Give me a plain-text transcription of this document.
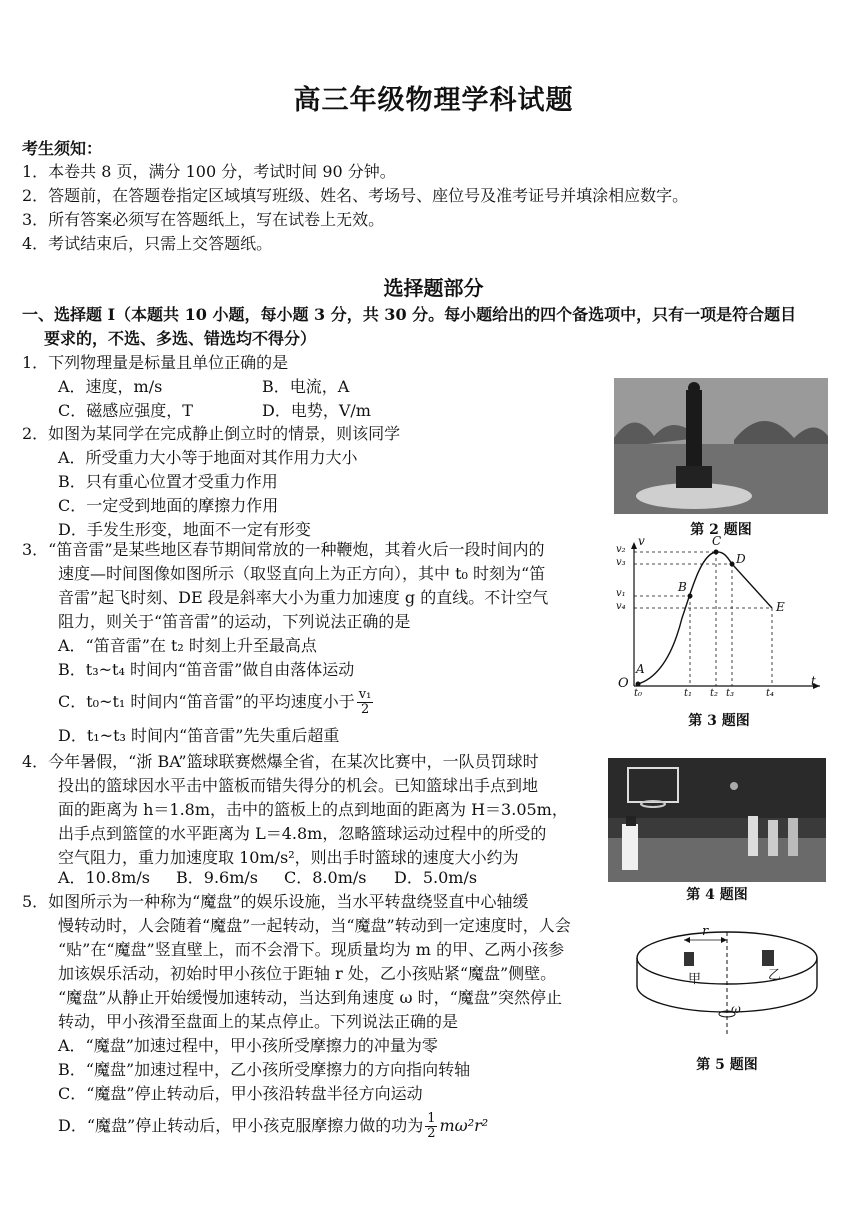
高三年级物理学科试题
考生须知：
1．本卷共 8 页，满分 100 分，考试时间 90 分钟。
2．答题前，在答题卷指定区域填写班级、姓名、考场号、座位号及准考证号并填涂相应数字。
3．所有答案必须写在答题纸上，写在试卷上无效。
4．考试结束后，只需上交答题纸。
选择题部分
一、选择题 I（本题共 10 小题，每小题 3 分，共 30 分。每小题给出的四个备选项中，只有一项是符合题目
要求的，不选、多选、错选均不得分）
1．下列物理量是标量且单位正确的是
A．速度，m/s	B．电流，A
C．磁感应强度，T	D．电势，V/m
2．如图为某同学在完成静止倒立时的情景，则该同学
A．所受重力大小等于地面对其作用力大小
B．只有重心位置才受重力作用
C．一定受到地面的摩擦力作用
D．手发生形变，地面不一定有形变	第 2 题图
3．“笛音雷”是某些地区春节期间常放的一种鞭炮，其着火后一段时间内的
速度—时间图像如图所示（取竖直向上为正方向），其中 t₀ 时刻为“笛
音雷”起飞时刻、DE 段是斜率大小为重力加速度 g 的直线。不计空气
阻力，则关于“笛音雷”的运动，下列说法正确的是
A．“笛音雷”在 t₂ 时刻上升至最高点
B．t₃~t₄ 时间内“笛音雷”做自由落体运动
C．t₀~t₁ 时间内“笛音雷”的平均速度小于 $\frac{\text{v₁}}{2}$
D．t₁~t₃ 时间内“笛音雷”先失重后超重
v
t
O
v₂
v₃
v₁
v₄
t₀	t₁ t₂ t₃	t₄
A
B
C
D
E
第 3 题图
4．今年暑假，“浙 BA”篮球联赛燃爆全省，在某次比赛中，一队员罚球时
投出的篮球因水平击中篮板而错失得分的机会。已知篮球出手点到地
面的距离为 h＝1.8m，击中的篮板上的点到地面的距离为 H＝3.05m，
出手点到篮筐的水平距离为 L＝4.8m，忽略篮球运动过程中的所受的
空气阻力，重力加速度取 10m/s²，则出手时篮球的速度大小约为
A．10.8m/s B．9.6m/s C．8.0m/s D．5.0m/s
第 4 题图
5．如图所示为一种称为“魔盘”的娱乐设施，当水平转盘绕竖直中心轴缓
慢转动时，人会随着“魔盘”一起转动，当“魔盘”转动到一定速度时，人会
“贴”在“魔盘”竖直壁上，而不会滑下。现质量均为 m 的甲、乙两小孩参
加该娱乐活动，初始时甲小孩位于距轴 r 处，乙小孩贴紧“魔盘”侧壁。
“魔盘”从静止开始缓慢加速转动，当达到角速度 ω 时，“魔盘”突然停止
转动，甲小孩滑至盘面上的某点停止。下列说法正确的是
A．“魔盘”加速过程中，甲小孩所受摩擦力的冲量为零
B．“魔盘”加速过程中，乙小孩所受摩擦力的方向指向转轴
C．“魔盘”停止转动后，甲小孩沿转盘半径方向运动
D．“魔盘”停止转动后，甲小孩克服摩擦力做的功为 $\frac{1}{2} m\omega^2r^2$
r
甲	乙
ω
第 5 题图
